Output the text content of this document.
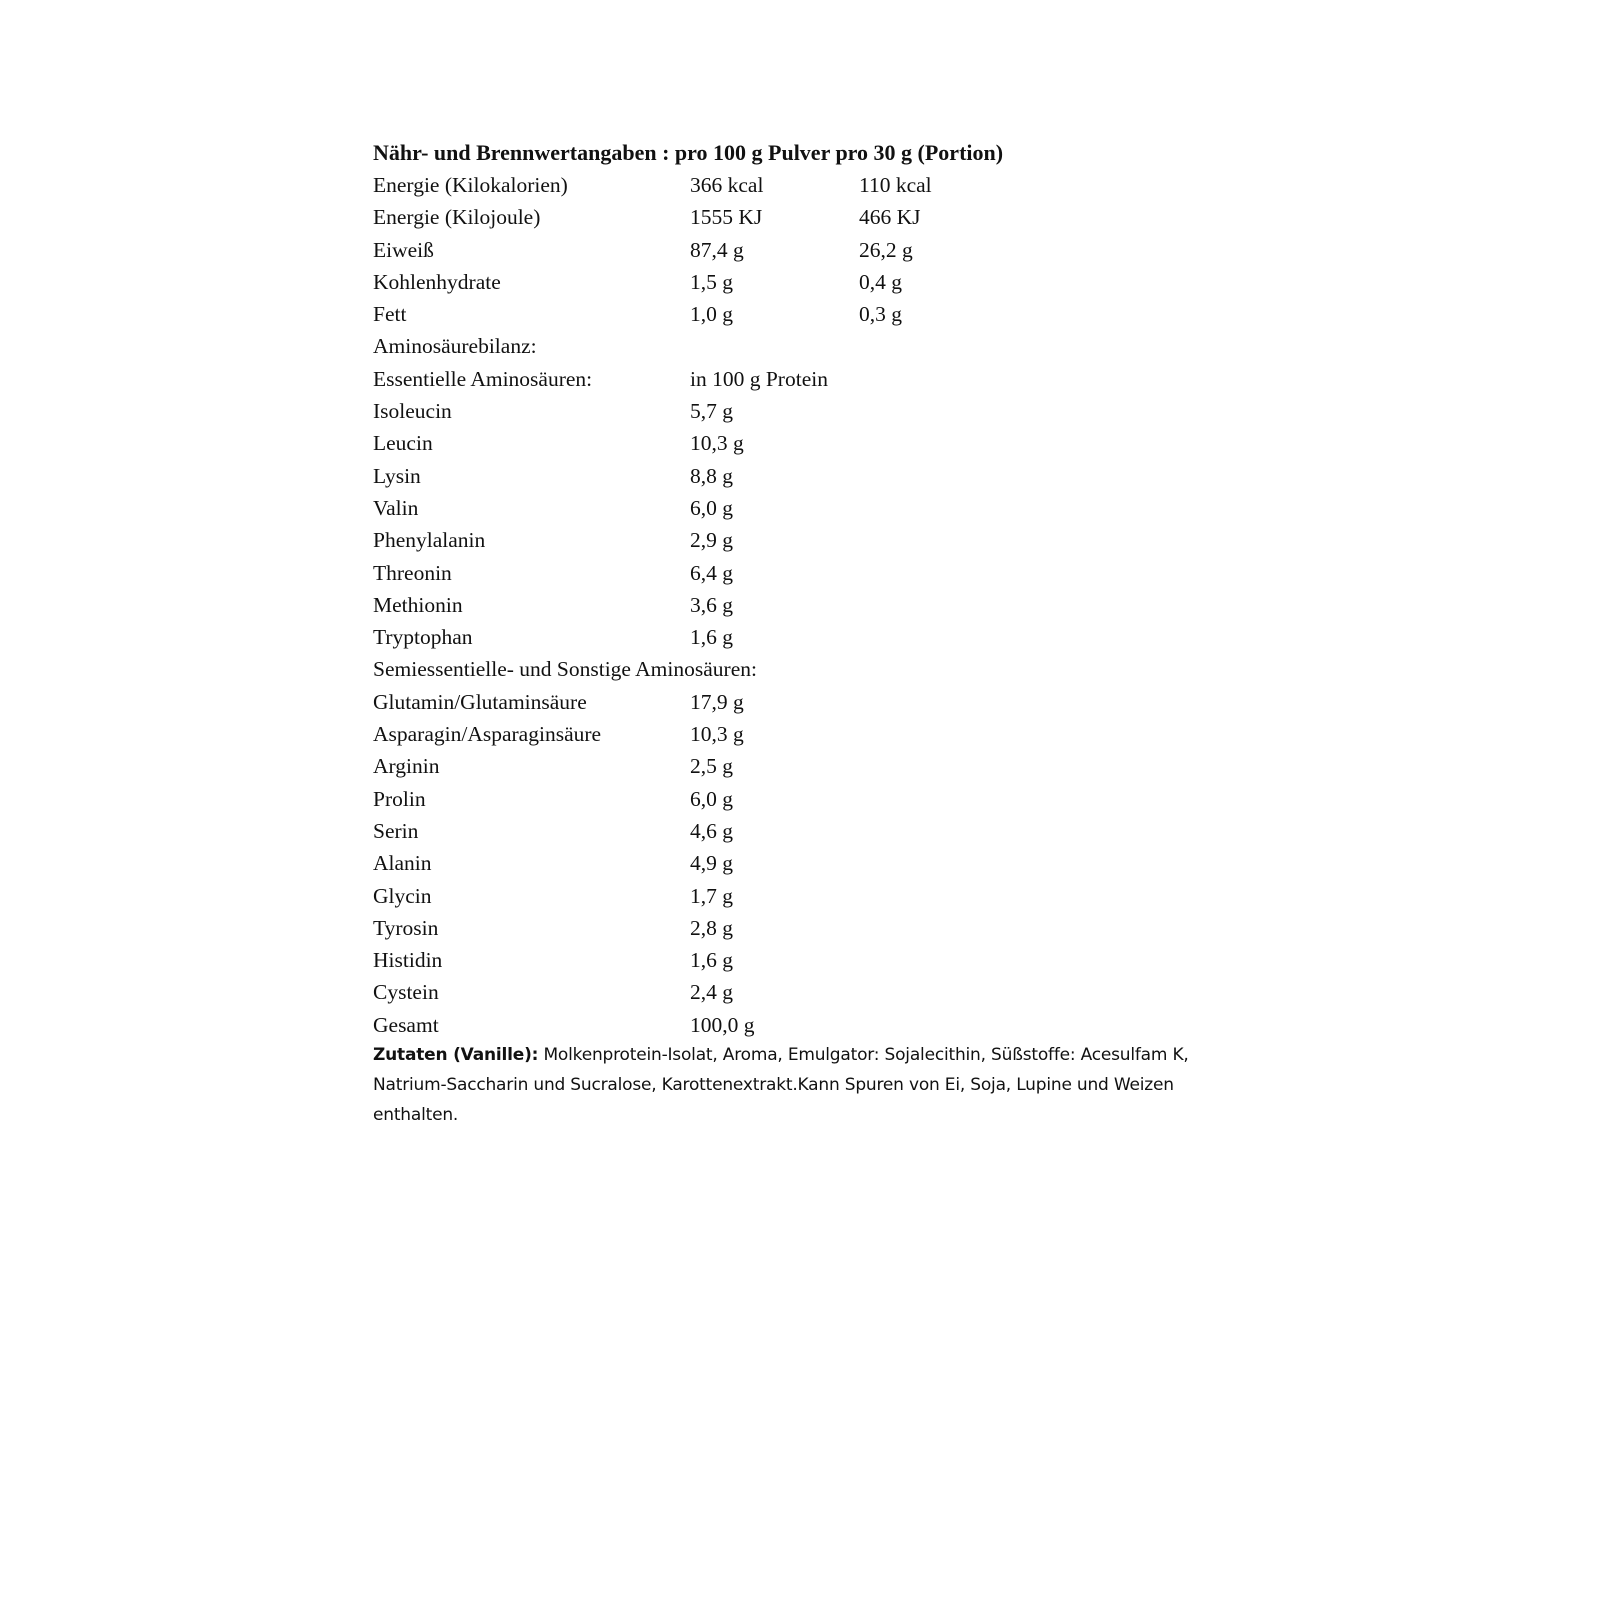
Nähr- und Brennwertangaben : pro 100 g Pulver pro 30 g (Portion)
Energie (Kilokalorien)	366 kcal	110 kcal
Energie (Kilojoule)	1555 KJ	466 KJ
Eiweiß	87,4 g	26,2 g
Kohlenhydrate	1,5 g	0,4 g
Fett	1,0 g	0,3 g
Aminosäurebilanz:
Essentielle Aminosäuren:	in 100 g Protein
Isoleucin	5,7 g
Leucin	10,3 g
Lysin	8,8 g
Valin	6,0 g
Phenylalanin	2,9 g
Threonin	6,4 g
Methionin	3,6 g
Tryptophan	1,6 g
Semiessentielle- und Sonstige Aminosäuren:
Glutamin/Glutaminsäure	17,9 g
Asparagin/Asparaginsäure	10,3 g
Arginin	2,5 g
Prolin	6,0 g
Serin	4,6 g
Alanin	4,9 g
Glycin	1,7 g
Tyrosin	2,8 g
Histidin	1,6 g
Cystein	2,4 g
Gesamt	100,0 g
Zutaten (Vanille): Molkenprotein-Isolat, Aroma, Emulgator: Sojalecithin, Süßstoffe: Acesulfam K, Natrium-Saccharin und Sucralose, Karottenextrakt.Kann Spuren von Ei, Soja, Lupine und Weizen enthalten.
